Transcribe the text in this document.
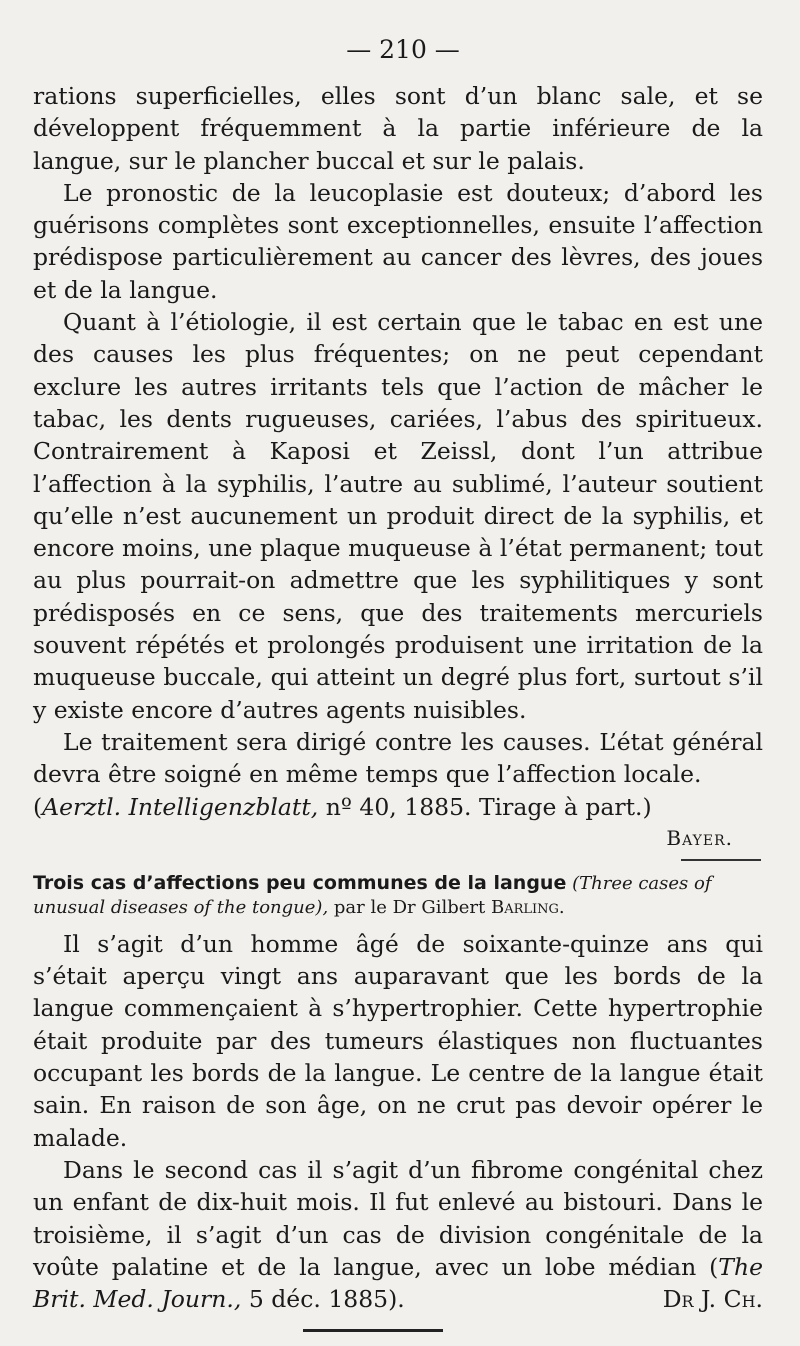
— 210 —

rations superficielles, elles sont d’un blanc sale, et se développent fréquemment à la partie inférieure de la langue, sur le plancher buccal et sur le palais.

Le pronostic de la leucoplasie est douteux; d’abord les guérisons complètes sont exceptionnelles, ensuite l’affection prédispose particulièrement au cancer des lèvres, des joues et de la langue.

Quant à l’étiologie, il est certain que le tabac en est une des causes les plus fréquentes; on ne peut cependant exclure les autres irritants tels que l’action de mâcher le tabac, les dents rugueuses, cariées, l’abus des spiritueux. Contrairement à Kaposi et Zeissl, dont l’un attribue l’affection à la syphilis, l’autre au sublimé, l’auteur soutient qu’elle n’est aucunement un produit direct de la syphilis, et encore moins, une plaque muqueuse à l’état permanent; tout au plus pourrait-on admettre que les syphilitiques y sont prédisposés en ce sens, que des traitements mercuriels souvent répétés et prolongés produisent une irritation de la muqueuse buccale, qui atteint un degré plus fort, surtout s’il y existe encore d’autres agents nuisibles.

Le traitement sera dirigé contre les causes. L’état général devra être soigné en même temps que l’affection locale.

(Aerztl. Intelligenzblatt, nº 40, 1885. Tirage à part.)

Bayer.

Trois cas d’affections peu communes de la langue (Three cases of unusual diseases of the tongue), par le Dr Gilbert Barling.

Il s’agit d’un homme âgé de soixante-quinze ans qui s’était aperçu vingt ans auparavant que les bords de la langue commençaient à s’hypertrophier. Cette hypertrophie était produite par des tumeurs élastiques non fluctuantes occupant les bords de la langue. Le centre de la langue était sain. En raison de son âge, on ne crut pas devoir opérer le malade.

Dans le second cas il s’agit d’un fibrome congénital chez un enfant de dix-huit mois. Il fut enlevé au bistouri. Dans le troisième, il s’agit d’un cas de division congénitale de la voûte palatine et de la langue, avec un lobe médian (The Brit. Med. Journ., 5 déc. 1885).	Dr J. Ch.
